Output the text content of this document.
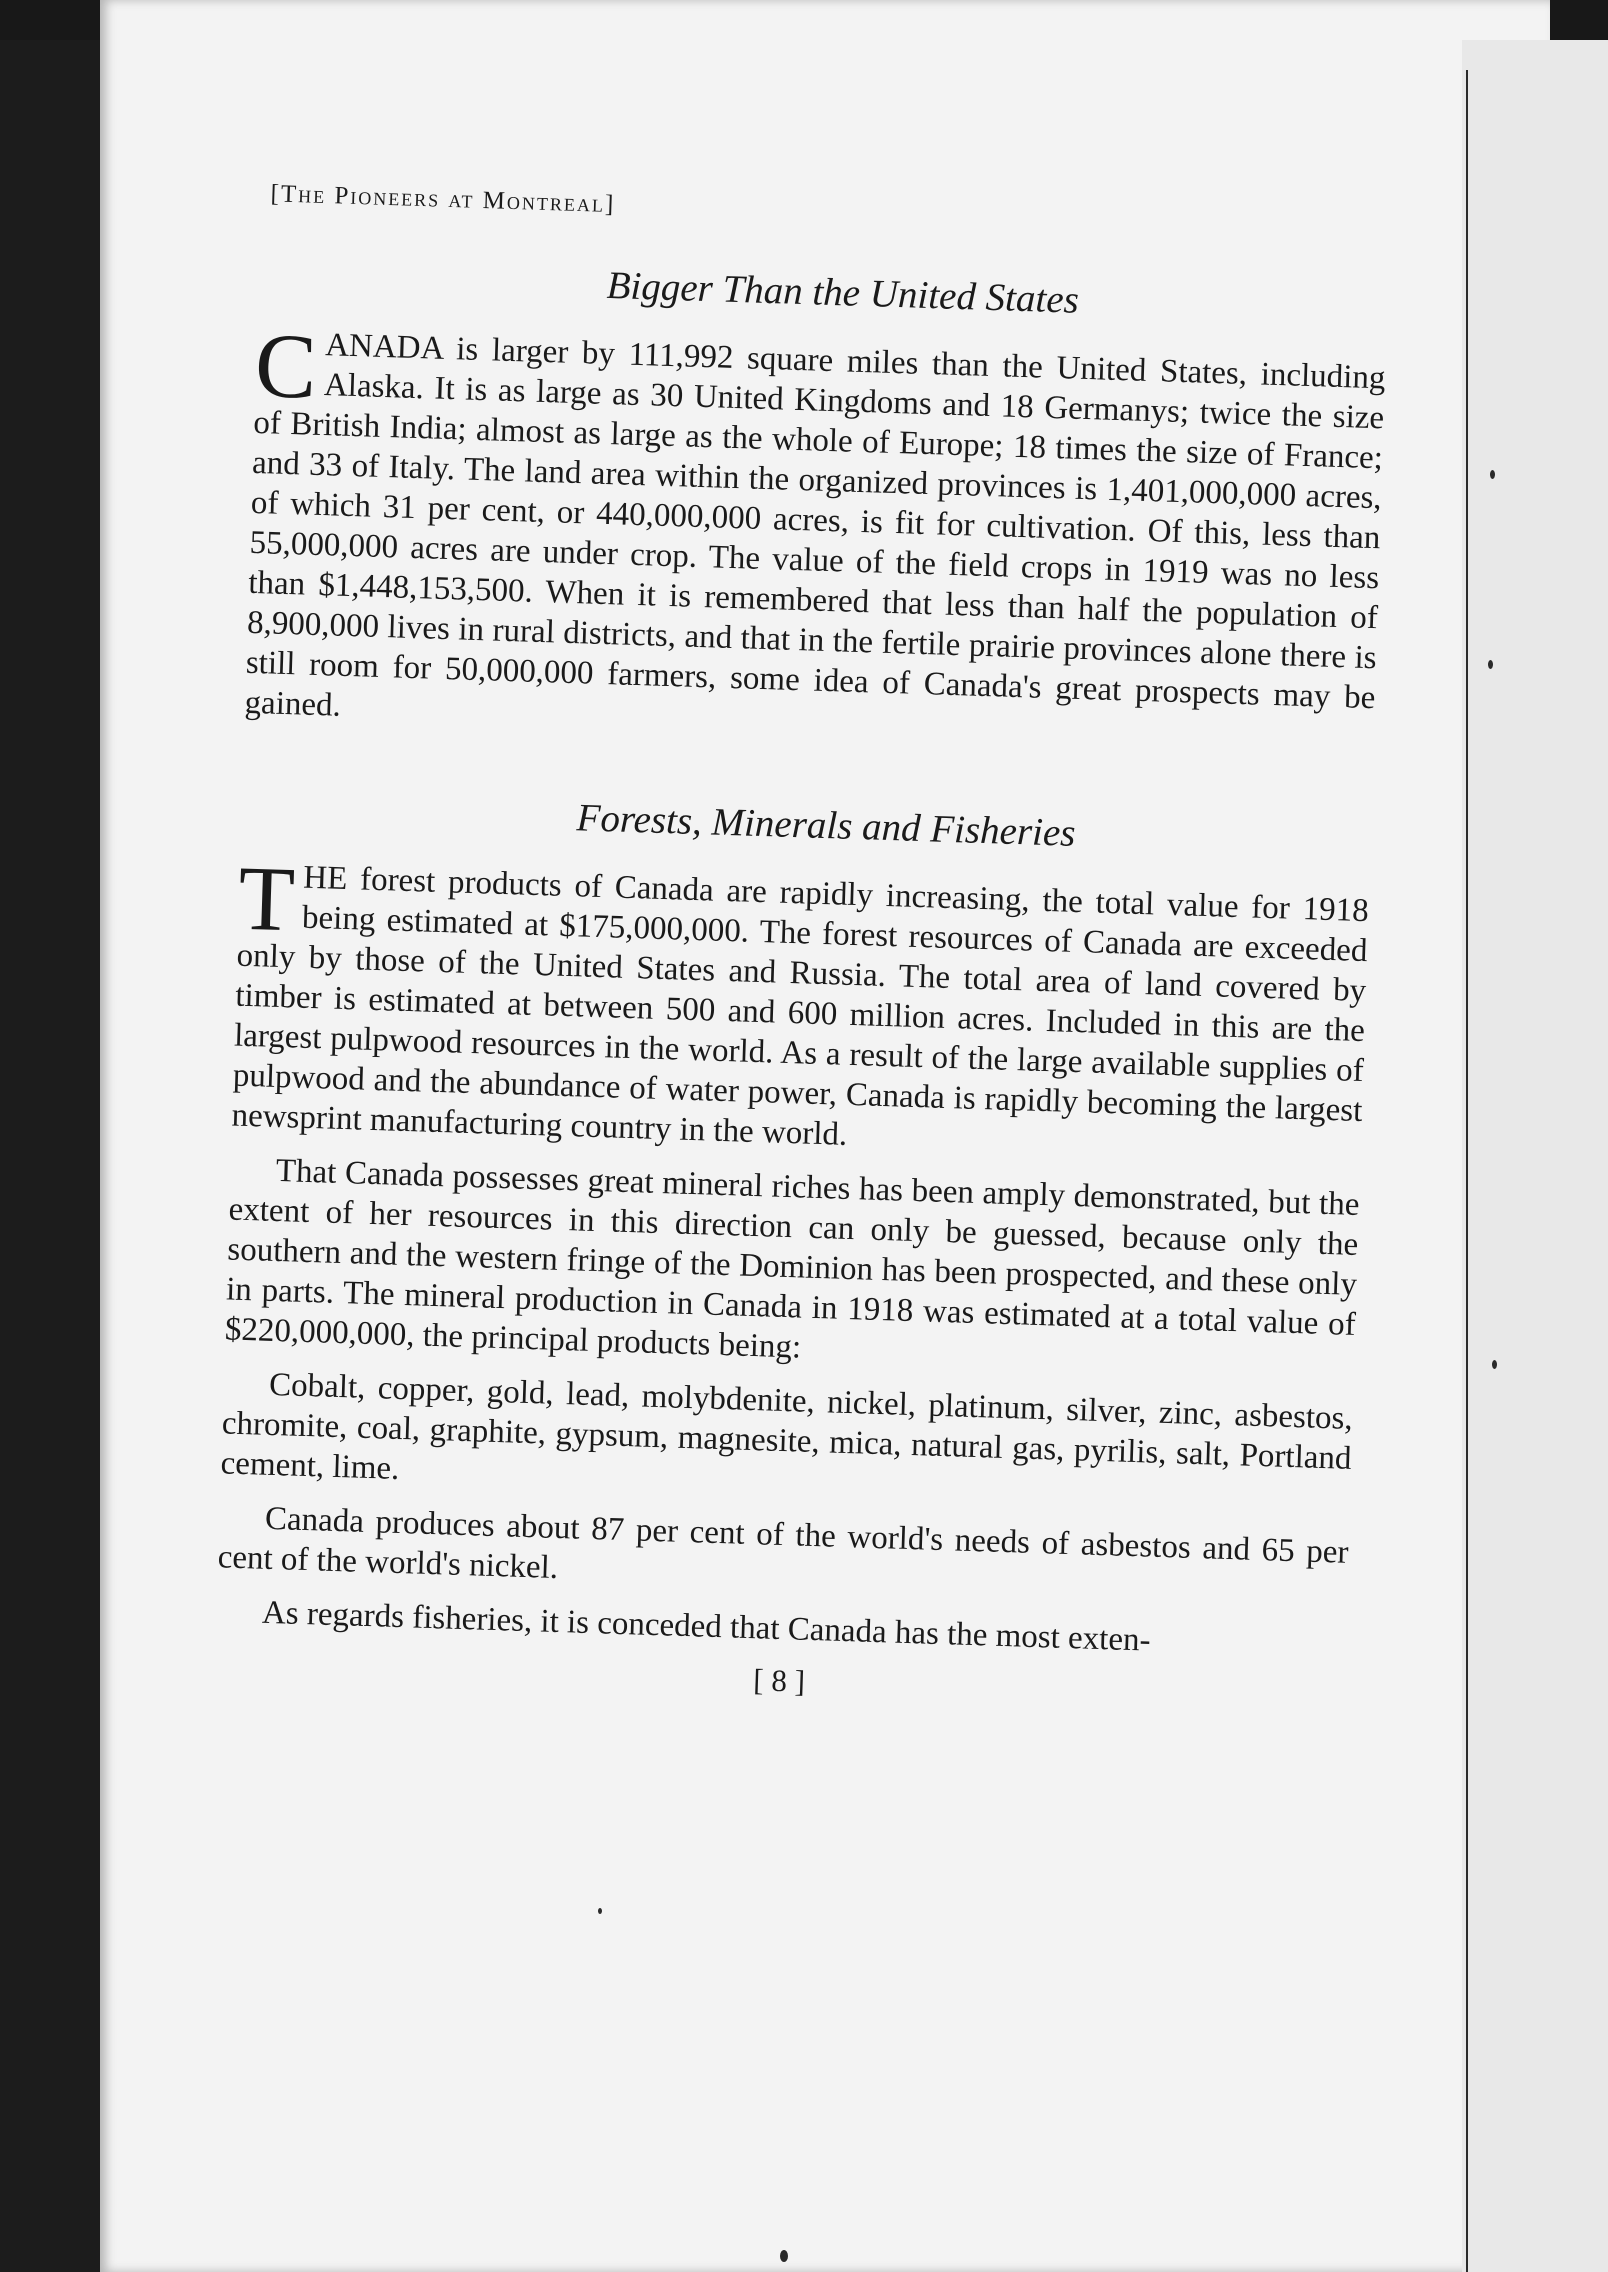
[The Pioneers at Montreal]
Bigger Than the United States

CANADA is larger by 111,992 square miles than the United States, including Alaska. It is as large as 30 United Kingdoms and 18 Germanys; twice the size of British India; almost as large as the whole of Europe; 18 times the size of France; and 33 of Italy. The land area within the organized provinces is 1,401,000,000 acres, of which 31 per cent, or 440,000,000 acres, is fit for cultivation. Of this, less than 55,000,000 acres are under crop. The value of the field crops in 1919 was no less than $1,448,153,500. When it is remembered that less than half the population of 8,900,000 lives in rural districts, and that in the fertile prairie provinces alone there is still room for 50,000,000 farmers, some idea of Canada's great prospects may be gained.

Forests, Minerals and Fisheries

THE forest products of Canada are rapidly increasing, the total value for 1918 being estimated at $175,000,000. The forest resources of Canada are exceeded only by those of the United States and Russia. The total area of land covered by timber is estimated at between 500 and 600 million acres. Included in this are the largest pulpwood resources in the world. As a result of the large available supplies of pulpwood and the abundance of water power, Canada is rapidly becoming the largest newsprint manufacturing country in the world.

That Canada possesses great mineral riches has been amply demonstrated, but the extent of her resources in this direction can only be guessed, because only the southern and the western fringe of the Dominion has been prospected, and these only in parts. The mineral production in Canada in 1918 was estimated at a total value of $220,000,000, the principal products being:

Cobalt, copper, gold, lead, molybdenite, nickel, platinum, silver, zinc, asbestos, chromite, coal, graphite, gypsum, magnesite, mica, natural gas, pyrilis, salt, Portland cement, lime.

Canada produces about 87 per cent of the world's needs of asbestos and 65 per cent of the world's nickel.

As regards fisheries, it is conceded that Canada has the most exten-

[ 8 ]
